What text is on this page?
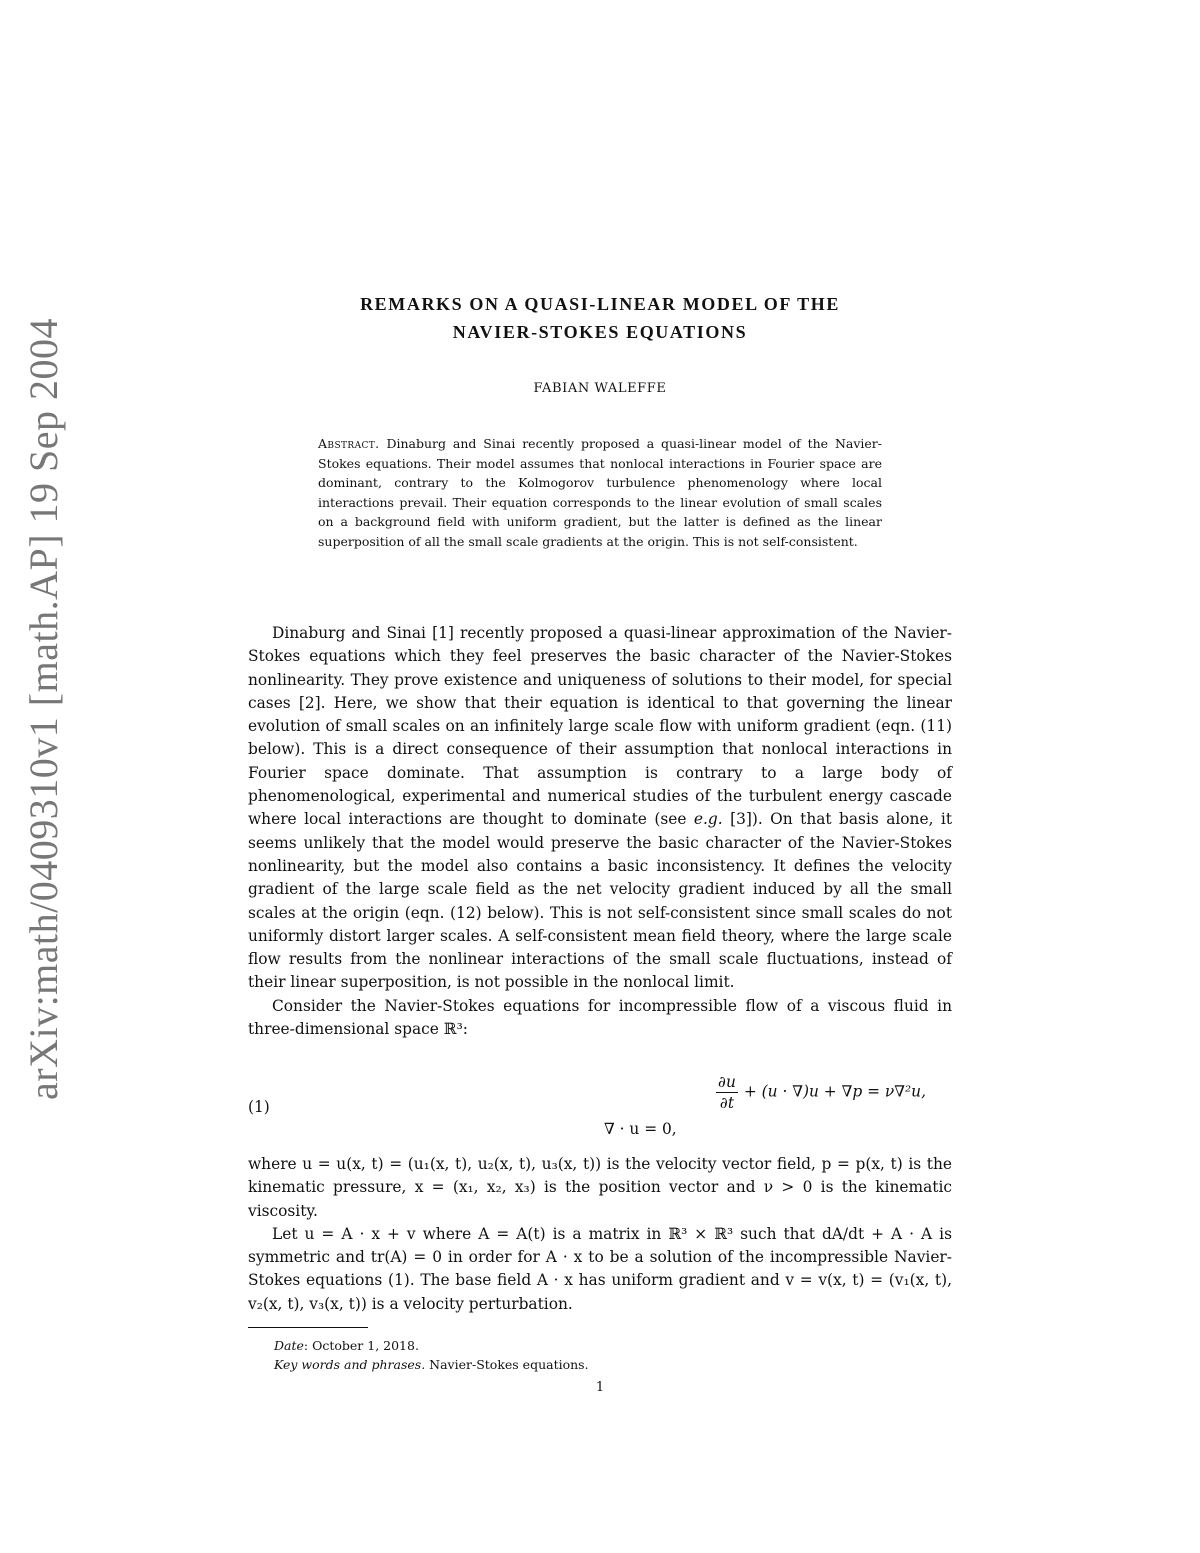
arXiv:math/0409310v1 [math.AP] 19 Sep 2004
REMARKS ON A QUASI-LINEAR MODEL OF THE
NAVIER-STOKES EQUATIONS
FABIAN WALEFFE
Abstract. Dinaburg and Sinai recently proposed a quasi-linear model of the Navier-Stokes equations. Their model assumes that nonlocal interactions in Fourier space are dominant, contrary to the Kolmogorov turbulence phenomenology where local interactions prevail. Their equation corresponds to the linear evolution of small scales on a background field with uniform gradient, but the latter is defined as the linear superposition of all the small scale gradients at the origin. This is not self-consistent.

Dinaburg and Sinai [1] recently proposed a quasi-linear approximation of the Navier-Stokes equations which they feel preserves the basic character of the Navier-Stokes nonlinearity. They prove existence and uniqueness of solutions to their model, for special cases [2]. Here, we show that their equation is identical to that governing the linear evolution of small scales on an infinitely large scale flow with uniform gradient (eqn. (11) below). This is a direct consequence of their assumption that nonlocal interactions in Fourier space dominate. That assumption is contrary to a large body of phenomenological, experimental and numerical studies of the turbulent energy cascade where local interactions are thought to dominate (see e.g. [3]). On that basis alone, it seems unlikely that the model would preserve the basic character of the Navier-Stokes nonlinearity, but the model also contains a basic inconsistency. It defines the velocity gradient of the large scale field as the net velocity gradient induced by all the small scales at the origin (eqn. (12) below). This is not self-consistent since small scales do not uniformly distort larger scales. A self-consistent mean field theory, where the large scale flow results from the nonlinear interactions of the small scale fluctuations, instead of their linear superposition, is not possible in the nonlocal limit.

Consider the Navier-Stokes equations for incompressible flow of a viscous fluid in three-dimensional space ℝ³:

(1)	$\frac{\partial u}{\partial t} + (u \cdot \nabla)u + \nabla p = \nu\nabla^2u$,
∇ · u = 0,

where u = u(x, t) = (u₁(x, t), u₂(x, t), u₃(x, t)) is the velocity vector field, p = p(x, t) is the kinematic pressure, x = (x₁, x₂, x₃) is the position vector and ν > 0 is the kinematic viscosity.

Let u = A · x + v where A = A(t) is a matrix in ℝ³ × ℝ³ such that dA/dt + A · A is symmetric and tr(A) = 0 in order for A · x to be a solution of the incompressible Navier-Stokes equations (1). The base field A · x has uniform gradient and v = v(x, t) = (v₁(x, t), v₂(x, t), v₃(x, t)) is a velocity perturbation.

Date: October 1, 2018.
Key words and phrases. Navier-Stokes equations.
1
